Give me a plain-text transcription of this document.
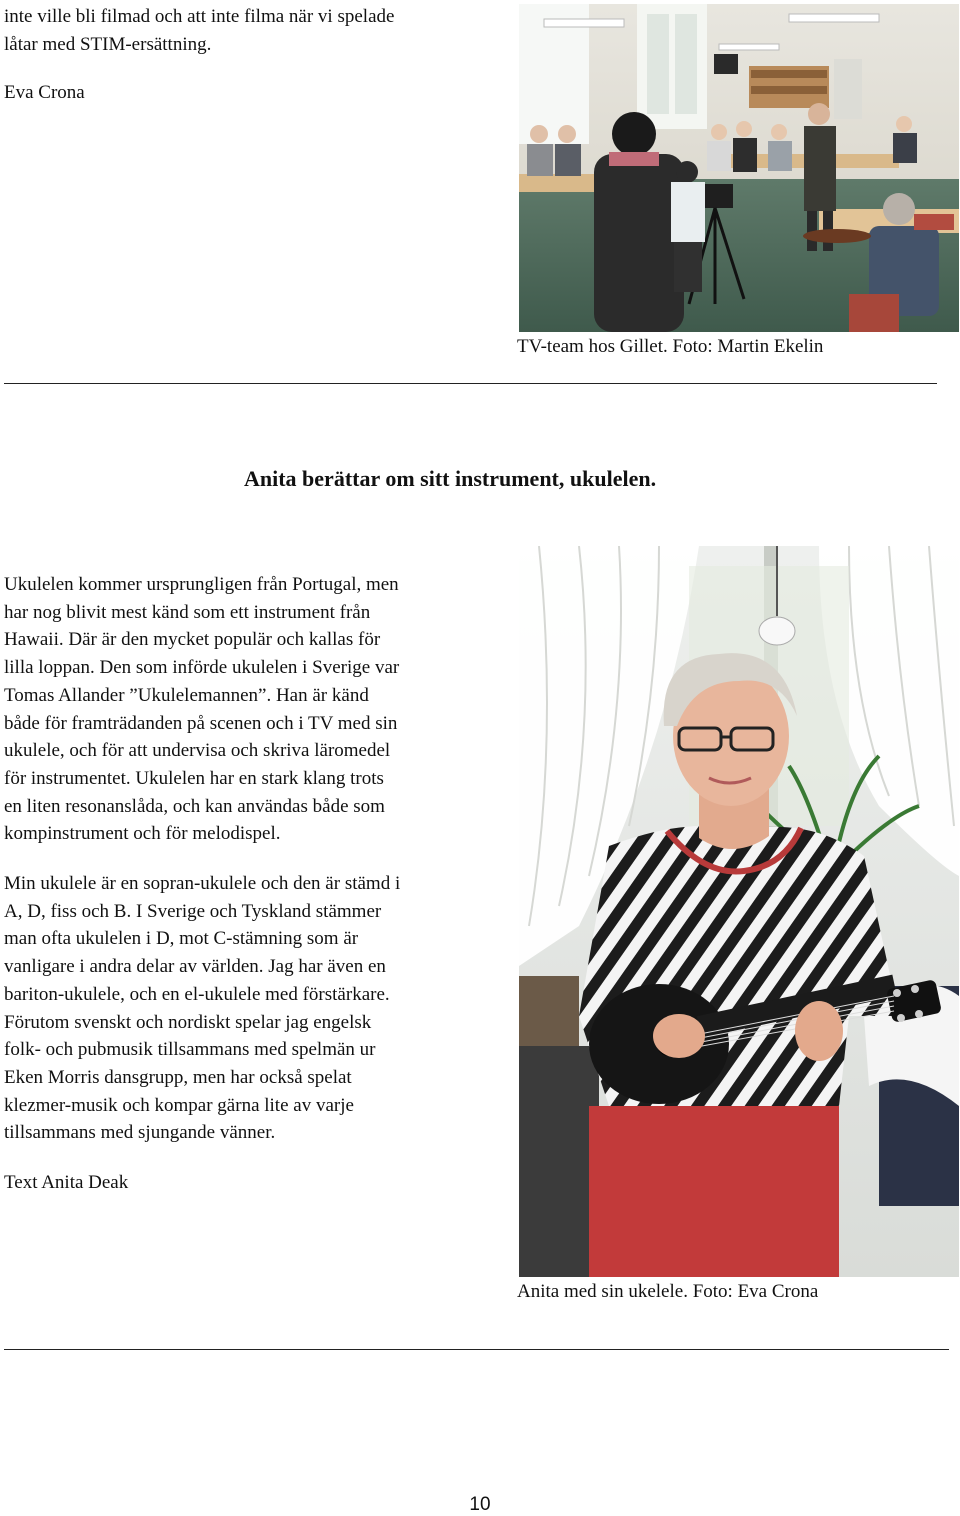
inte ville bli filmad och att inte filma när vi spelade
låtar med STIM-ersättning.
Eva Crona
TV-team hos Gillet. Foto: Martin Ekelin
Anita berättar om sitt instrument, ukulelen.
Ukulelen kommer ursprungligen från Portugal, men
har nog blivit mest känd som ett instrument från
Hawaii. Där är den mycket populär och kallas för
lilla loppan. Den som införde ukulelen i Sverige var
Tomas Allander ”Ukulelemannen”. Han är känd
både för framträdanden på scenen och i TV med sin
ukulele, och för att undervisa och skriva läromedel
för instrumentet. Ukulelen har en stark klang trots
en liten resonanslåda, och kan användas både som
kompinstrument och för melodispel.
Min ukulele är en sopran-ukulele och den är stämd i
A, D, fiss och B. I Sverige och Tyskland stämmer
man ofta ukulelen i D, mot C-stämning som är
vanligare i andra delar av världen. Jag har även en
bariton-ukulele, och en el-ukulele med förstärkare.
Förutom svenskt och nordiskt spelar jag engelsk
folk- och pubmusik tillsammans med spelmän ur
Eken Morris dansgrupp, men har också spelat
klezmer-musik och kompar gärna lite av varje
tillsammans med sjungande vänner.
Text Anita Deak
Anita med sin ukelele. Foto: Eva Crona
10
